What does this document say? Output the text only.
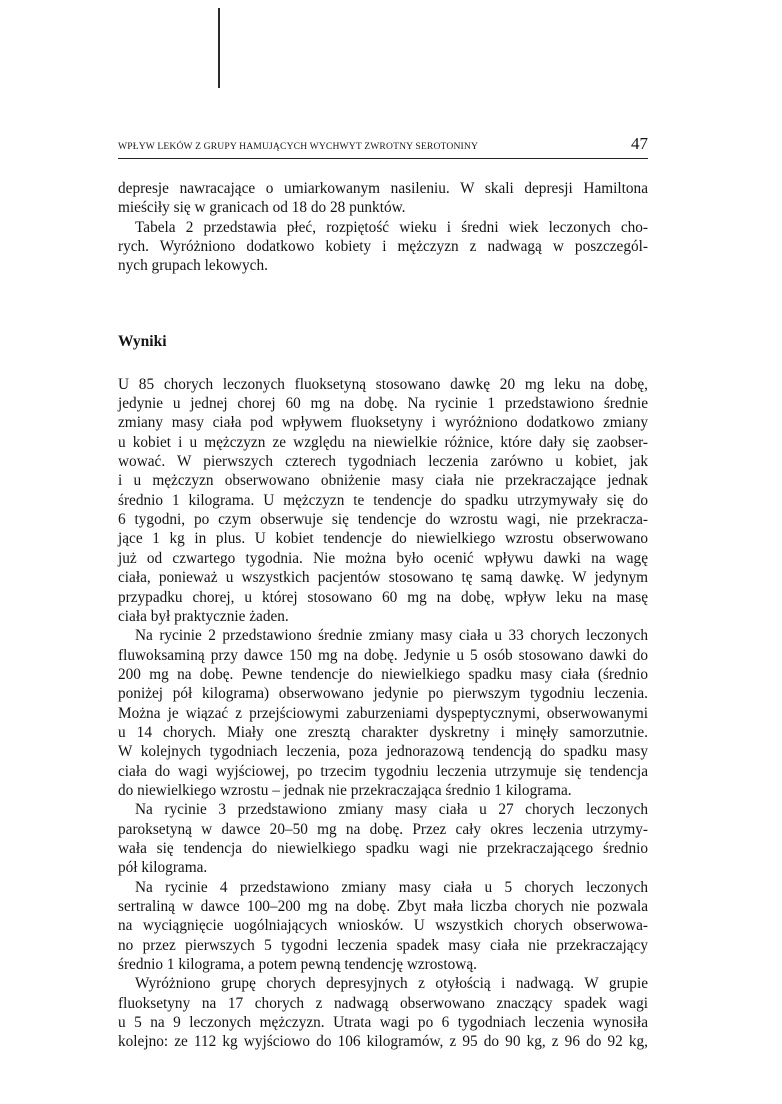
WPŁYW LEKÓW Z GRUPY HAMUJĄCYCH WYCHWYT ZWROTNY SEROTONINY	47

depresje nawracające o umiarkowanym nasileniu. W skali depresji Hamiltona
mieściły się w granicach od 18 do 28 punktów.

Tabela 2 przedstawia płeć, rozpiętość wieku i średni wiek leczonych cho-
rych. Wyróżniono dodatkowo kobiety i mężczyzn z nadwagą w poszczegól-
nych grupach lekowych.

Wyniki

U 85 chorych leczonych fluoksetyną stosowano dawkę 20 mg leku na dobę,
jedynie u jednej chorej 60 mg na dobę. Na rycinie 1 przedstawiono średnie
zmiany masy ciała pod wpływem fluoksetyny i wyróżniono dodatkowo zmiany
u kobiet i u mężczyzn ze względu na niewielkie różnice, które dały się zaobser-
wować. W pierwszych czterech tygodniach leczenia zarówno u kobiet, jak
i u mężczyzn obserwowano obniżenie masy ciała nie przekraczające jednak
średnio 1 kilograma. U mężczyzn te tendencje do spadku utrzymywały się do
6 tygodni, po czym obserwuje się tendencje do wzrostu wagi, nie przekracza-
jące 1 kg in plus. U kobiet tendencje do niewielkiego wzrostu obserwowano
już od czwartego tygodnia. Nie można było ocenić wpływu dawki na wagę
ciała, ponieważ u wszystkich pacjentów stosowano tę samą dawkę. W jedynym
przypadku chorej, u której stosowano 60 mg na dobę, wpływ leku na masę
ciała był praktycznie żaden.

Na rycinie 2 przedstawiono średnie zmiany masy ciała u 33 chorych leczonych
fluwoksaminą przy dawce 150 mg na dobę. Jedynie u 5 osób stosowano dawki do
200 mg na dobę. Pewne tendencje do niewielkiego spadku masy ciała (średnio
poniżej pół kilograma) obserwowano jedynie po pierwszym tygodniu leczenia.
Można je wiązać z przejściowymi zaburzeniami dyspeptycznymi, obserwowanymi
u 14 chorych. Miały one zresztą charakter dyskretny i minęły samorzutnie.
W kolejnych tygodniach leczenia, poza jednorazową tendencją do spadku masy
ciała do wagi wyjściowej, po trzecim tygodniu leczenia utrzymuje się tendencja
do niewielkiego wzrostu – jednak nie przekraczająca średnio 1 kilograma.

Na rycinie 3 przedstawiono zmiany masy ciała u 27 chorych leczonych
paroksetyną w dawce 20–50 mg na dobę. Przez cały okres leczenia utrzymy-
wała się tendencja do niewielkiego spadku wagi nie przekraczającego średnio
pół kilograma.

Na rycinie 4 przedstawiono zmiany masy ciała u 5 chorych leczonych
sertraliną w dawce 100–200 mg na dobę. Zbyt mała liczba chorych nie pozwala
na wyciągnięcie uogólniających wniosków. U wszystkich chorych obserwowa-
no przez pierwszych 5 tygodni leczenia spadek masy ciała nie przekraczający
średnio 1 kilograma, a potem pewną tendencję wzrostową.

Wyróżniono grupę chorych depresyjnych z otyłością i nadwagą. W grupie
fluoksetyny na 17 chorych z nadwagą obserwowano znaczący spadek wagi
u 5 na 9 leczonych mężczyzn. Utrata wagi po 6 tygodniach leczenia wynosiła
kolejno: ze 112 kg wyjściowo do 106 kilogramów, z 95 do 90 kg, z 96 do 92 kg,
